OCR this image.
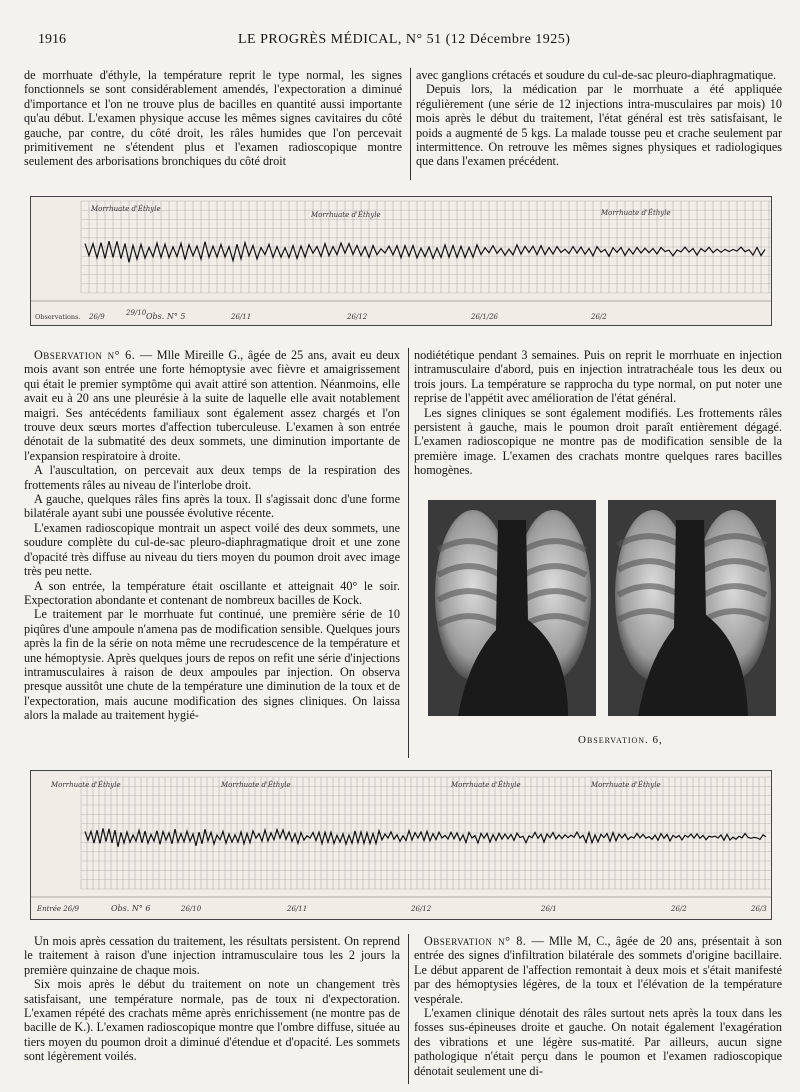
1916	LE PROGRÈS MÉDICAL, N° 51 (12 Décembre 1925)

de morrhuate d'éthyle, la température reprit le type normal, les signes fonctionnels se sont considérablement amendés, l'expectoration a diminué d'importance et l'on ne trouve plus de bacilles en quantité aussi importante qu'au début. L'examen physique accuse les mêmes signes cavitaires du côté gauche, par contre, du côté droit, les râles humides que l'on percevait primitivement ne s'étendent plus et l'examen radioscopique montre seulement des arborisations bronchiques du côté droit

avec ganglions crétacés et soudure du cul-de-sac pleuro-diaphragmatique.

Depuis lors, la médication par le morrhuate a été appliquée régulièrement (une série de 12 injections intra-musculaires par mois) 10 mois après le début du traitement, l'état général est très satisfaisant, le poids a augmenté de 5 kgs. La malade tousse peu et crache seulement par intermittence. On retrouve les mêmes signes physiques et radiologiques que dans l'examen précédent.

Morrhuate d'Éthyle
Morrhuate d'Éthyle	Morrhuate d'Éthyle
Observations.	Obs. N° 5
26/9	29/10	26/11	26/12	26/1/26	26/2

Observation n° 6. — Mlle Mireille G., âgée de 25 ans, avait eu deux mois avant son entrée une forte hémoptysie avec fièvre et amaigrissement qui était le premier symptôme qui avait attiré son attention. Néanmoins, elle avait eu à 20 ans une pleurésie à la suite de laquelle elle avait notablement maigri. Ses antécédents familiaux sont également assez chargés et l'on trouve deux sœurs mortes d'affection tuberculeuse. L'examen à son entrée dénotait de la submatité des deux sommets, une diminution importante de l'expansion respiratoire à droite.

A l'auscultation, on percevait aux deux temps de la respiration des frottements râles au niveau de l'interlobe droit.

A gauche, quelques râles fins après la toux. Il s'agissait donc d'une forme bilatérale ayant subi une poussée évolutive récente.

L'examen radioscopique montrait un aspect voilé des deux sommets, une soudure complète du cul-de-sac pleuro-diaphragmatique droit et une zone d'opacité très diffuse au niveau du tiers moyen du poumon droit avec image très peu nette.

A son entrée, la température était oscillante et atteignait 40° le soir. Expectoration abondante et contenant de nombreux bacilles de Kock.

Le traitement par le morrhuate fut continué, une première série de 10 piqûres d'une ampoule n'amena pas de modification sensible. Quelques jours après la fin de la série on nota même une recrudescence de la température et une hémoptysie. Après quelques jours de repos on refit une série d'injections intramusculaires à raison de deux ampoules par injection. On observa presque aussitôt une chute de la température une diminution de la toux et de l'expectoration, mais aucune modification des signes cliniques. On laissa alors la malade au traitement hygié-

nodiététique pendant 3 semaines. Puis on reprit le morrhuate en injection intramusculaire d'abord, puis en injection intratrachéale tous les deux ou trois jours. La température se rapprocha du type normal, on put noter une reprise de l'appétit avec amélioration de l'état général.

Les signes cliniques se sont également modifiés. Les frottements râles persistent à gauche, mais le poumon droit paraît entièrement dégagé. L'examen radioscopique ne montre pas de modification sensible de la première image. L'examen des crachats montre quelques rares bacilles homogènes.

Observation. 6,
Morrhuate d'Éthyle	Morrhuate d'Éthyle	Morrhuate d'Éthyle	Morrhuate d'Éthyle
Entrée 26/9	Obs. N° 6	26/10	26/11	26/12	26/1	26/2	26/3

Un mois après cessation du traitement, les résultats persistent. On reprend le traitement à raison d'une injection intramusculaire tous les 2 jours la première quinzaine de chaque mois.

Six mois après le début du traitement on note un changement très satisfaisant, une température normale, pas de toux ni d'expectoration. L'examen répété des crachats même après enrichissement (ne montre pas de bacille de K.). L'examen radioscopique montre que l'ombre diffuse, située au tiers moyen du poumon droit a diminué d'étendue et d'opacité. Les sommets sont légèrement voilés.

Observation n° 8. — Mlle M, C., âgée de 20 ans, présentait à son entrée des signes d'infiltration bilatérale des sommets d'origine bacillaire. Le début apparent de l'affection remontait à deux mois et s'était manifesté par des hémoptysies légères, de la toux et l'élévation de la température vespérale.

L'examen clinique dénotait des râles surtout nets après la toux dans les fosses sus-épineuses droite et gauche. On notait également l'exagération des vibrations et une légère sus-matité. Par ailleurs, aucun signe pathologique n'était perçu dans le poumon et l'examen radioscopique dénotait seulement une di-
